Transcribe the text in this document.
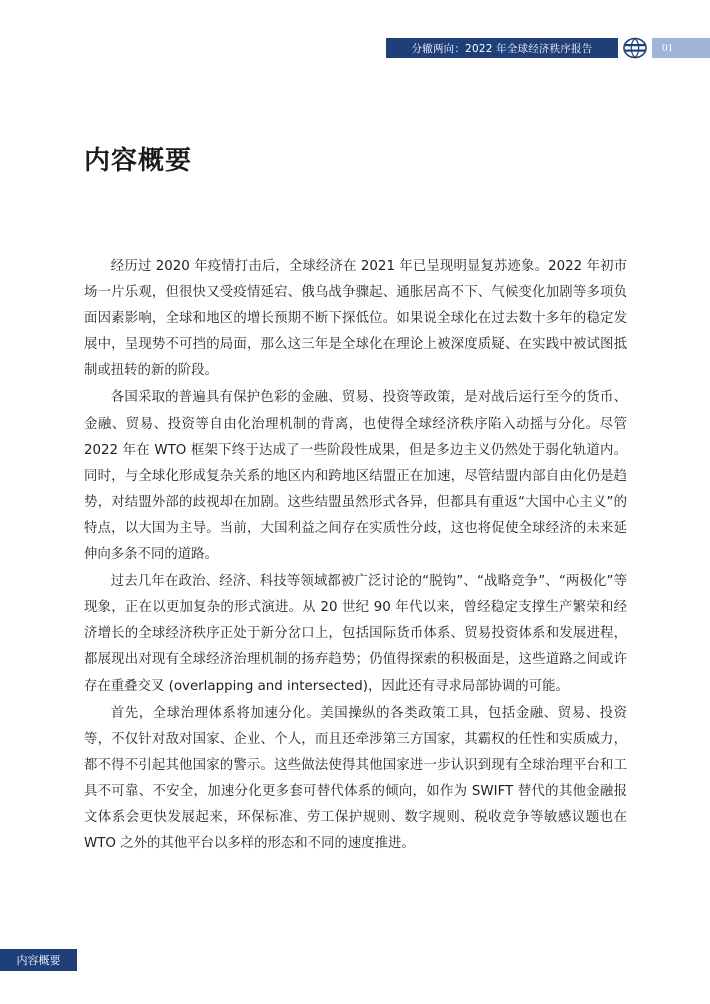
分辙两向：2022 年全球经济秩序报告	01
内容概要

经历过 2020 年疫情打击后，全球经济在 2021 年已呈现明显复苏迹象。2022 年初市场一片乐观，但很快又受疫情延宕、俄乌战争骤起、通胀居高不下、气候变化加剧等多项负面因素影响，全球和地区的增长预期不断下探低位。如果说全球化在过去数十多年的稳定发展中，呈现势不可挡的局面，那么这三年是全球化在理论上被深度质疑、在实践中被试图抵制或扭转的新的阶段。

各国采取的普遍具有保护色彩的金融、贸易、投资等政策，是对战后运行至今的货币、金融、贸易、投资等自由化治理机制的背离，也使得全球经济秩序陷入动摇与分化。尽管 2022 年在 WTO 框架下终于达成了一些阶段性成果，但是多边主义仍然处于弱化轨道内。同时，与全球化形成复杂关系的地区内和跨地区结盟正在加速，尽管结盟内部自由化仍是趋势，对结盟外部的歧视却在加剧。这些结盟虽然形式各异，但都具有重返“大国中心主义”的特点，以大国为主导。当前，大国利益之间存在实质性分歧，这也将促使全球经济的未来延伸向多条不同的道路。

过去几年在政治、经济、科技等领域都被广泛讨论的“脱钩”、“战略竞争”、“两极化”等现象，正在以更加复杂的形式演进。从 20 世纪 90 年代以来，曾经稳定支撑生产繁荣和经济增长的全球经济秩序正处于新分岔口上，包括国际货币体系、贸易投资体系和发展进程，都展现出对现有全球经济治理机制的扬弃趋势；仍值得探索的积极面是，这些道路之间或许存在重叠交叉 (overlapping and intersected)，因此还有寻求局部协调的可能。

首先，全球治理体系将加速分化。美国操纵的各类政策工具，包括金融、贸易、投资等，不仅针对敌对国家、企业、个人，而且还牵涉第三方国家，其霸权的任性和实质威力，都不得不引起其他国家的警示。这些做法使得其他国家进一步认识到现有全球治理平台和工具不可靠、不安全，加速分化更多套可替代体系的倾向，如作为 SWIFT 替代的其他金融报文体系会更快发展起来，环保标准、劳工保护规则、数字规则、税收竞争等敏感议题也在 WTO 之外的其他平台以多样的形态和不同的速度推进。

内容概要
